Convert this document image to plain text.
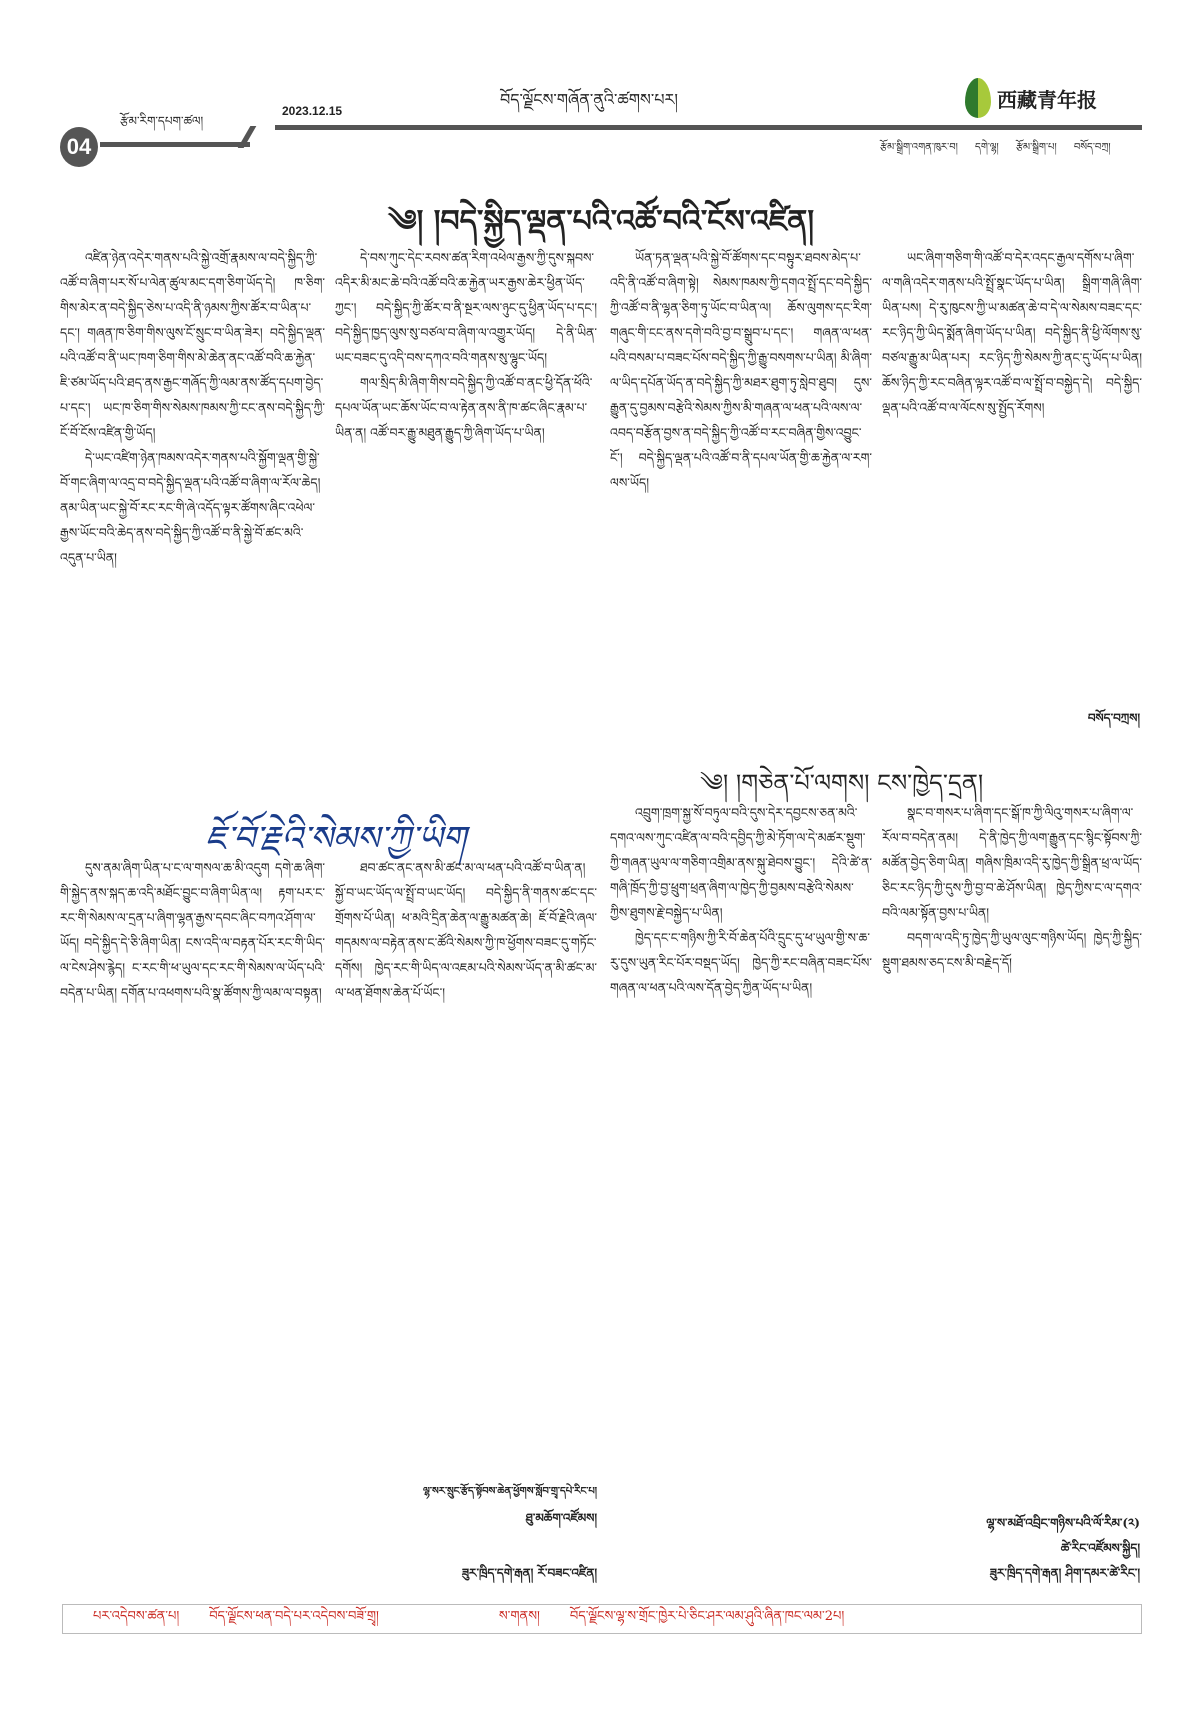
རྩོམ་རིག་དཔག་ཚལ།
2023.12.15
བོད་ལྗོངས་གཞོན་ནུའི་ཚགས་པར།	西藏青年报
04	རྩོམ་སྒྲིག་འགན་ཁུར་བ། དགེ་ལྷ། རྩོམ་སྒྲིག་པ། བསོད་བཀྲ།
༄། །བདེ་སྐྱིད་ལྡན་པའི་འཚོ་བའི་ངོས་འཛིན།

འཛིན་ཉེན་འདེར་གནས་པའི་སྐྱེ་འགྲོ་རྣམས་ལ་བདེ་སྐྱིད་ཀྱི་འཚོ་བ་ཞིག་པར་སོ་པ་ལེན་ཚུལ་མང་དག་ཅིག་ཡོད་དེ། ཁ་ཅིག་གིས་མེར་ན་བདེ་སྐྱིད་ཅེས་པ་འདི་ནི་ཉམས་ཀྱིས་ཚོར་བ་ཡིན་པ་དང་། གཞན་ཁ་ཅིག་གིས་ལུས་ངོ་སྲུང་བ་ཡིན་ཟེར། བདེ་སྐྱིད་ལྡན་པའི་འཚོ་བ་ནི་ཡང་ཁག་ཅིག་གིས་མེ་ཆེན་ནང་འཚོ་བའི་ཆ་རྐྱེན་ཇི་ཙམ་ཡོད་པའི་ཐད་ནས་རྒྱང་གཞོད་ཀྱི་ལམ་ནས་ཚོད་དཔག་བྱེད་པ་དང་། ཡང་ཁ་ཅིག་གིས་སེམས་ཁམས་ཀྱི་ངང་ནས་བདེ་སྐྱིད་ཀྱི་ངོ་བོ་ངོས་འཛིན་གྱི་ཡོད།

དེ་ཡང་འཛིག་ཉེན་ཁམས་འདེར་གནས་པའི་སྐྱོག་ལྡན་གྱི་སྐྱེ་བོ་གང་ཞིག་ལ་འདྲ་བ་བདེ་སྐྱིད་ལྡན་པའི་འཚོ་བ་ཞིག་ལ་རོལ་ཆེད། ནམ་ཡིན་ཡང་སྐྱེ་བོ་རང་རང་གི་ཞེ་འདོད་ལྟར་ཚོགས་ཞིང་འཕེལ་རྒྱས་ཡོང་བའི་ཆེད་ནས་བདེ་སྐྱིད་ཀྱི་འཚོ་བ་ནི་སྐྱེ་བོ་ཚང་མའི་འདུན་པ་ཡིན།

དེ་བས་ཀུང་དེང་རབས་ཚན་རིག་འཕེལ་རྒྱས་ཀྱི་དུས་སྐབས་འདིར་མི་མང་ཆེ་བའི་འཚོ་བའི་ཆ་རྐྱེན་ཡར་རྒྱས་ཆེར་ཕྱིན་ཡོད་ཀྱང་། བདེ་སྐྱིད་ཀྱི་ཚོར་བ་ནི་སྔར་ལས་ཉུང་དུ་ཕྱིན་ཡོད་པ་དང་། བདེ་སྐྱིད་ཁྱད་ལུས་སུ་བཙལ་བ་ཞིག་ལ་འགྱུར་ཡོད། དེ་ནི་ཡིན་ཡང་བཟང་དུ་འདི་བས་དཀའ་བའི་གནས་སུ་ལྷུང་ཡོད།

གལ་སྲིད་མི་ཞིག་གིས་བདེ་སྐྱིད་ཀྱི་འཚོ་བ་ནང་ཕྱི་དོན་ཕོའི་དཔལ་ཡོན་ཡང་ཆོས་ཡོང་བ་ལ་རྟེན་ནས་ནི་ཁ་ཚང་ཞིང་རྣམ་པ་ཡིན་ན། འཚོ་བར་རྒྱུ་མཐུན་རྒྱུད་ཀྱི་ཞིག་ཡོད་པ་ཡིན།

ཡོན་ཏན་ལྡན་པའི་སྐྱེ་བོ་ཚོགས་དང་བསྟུར་ཐབས་མེད་པ་འདི་ནི་འཚོ་བ་ཞིག་སྟེ། སེམས་ཁམས་ཀྱི་དགའ་སྤྲོ་དང་བདེ་སྐྱིད་ཀྱི་འཚོ་བ་ནི་ལྷན་ཅིག་ཏུ་ཡོང་བ་ཡིན་ལ། ཆོས་ལུགས་དང་རིག་གཞུང་གི་ངང་ནས་དགེ་བའི་བྱ་བ་སྒྲུབ་པ་དང་། གཞན་ལ་ཕན་པའི་བསམ་པ་བཟང་པོས་བདེ་སྐྱིད་ཀྱི་རྒྱུ་བསགས་པ་ཡིན། མི་ཞིག་ལ་ཡིད་དཔོན་ཡོད་ན་བདེ་སྐྱིད་ཀྱི་མཐར་ཐུག་ཏུ་སླེབ་ཐུབ། དུས་རྒྱུན་དུ་བྱམས་བརྩེའི་སེམས་ཀྱིས་མི་གཞན་ལ་ཕན་པའི་ལས་ལ་འབད་བརྩོན་བྱས་ན་བདེ་སྐྱིད་ཀྱི་འཚོ་བ་རང་བཞིན་གྱིས་འབྱུང་ངོ་། བདེ་སྐྱིད་ལྡན་པའི་འཚོ་བ་ནི་དཔལ་ཡོན་གྱི་ཆ་རྐྱེན་ལ་རག་ལས་ཡོད།

ཡང་ཞིག་གཅིག་གི་འཚོ་བ་དེར་འདང་རྒྱལ་དགོས་པ་ཞིག་ལ་གཞི་འདེར་གནས་པའི་སྤྲོ་སྣང་ཡོད་པ་ཡིན། སྒྲིག་གཞི་ཞིག་ཡིན་པས། དེ་རུ་ཁུངས་ཀྱི་ཡ་མཚན་ཆེ་བ་དེ་ལ་སེམས་བཟང་དང་རང་ཉིད་ཀྱི་ཡིད་སྨོན་ཞིག་ཡོད་པ་ཡིན། བདེ་སྐྱིད་ནི་ཕྱི་ལོགས་སུ་བཙལ་རྒྱུ་མ་ཡིན་པར། རང་ཉིད་ཀྱི་སེམས་ཀྱི་ནང་དུ་ཡོད་པ་ཡིན། ཆོས་ཉིད་ཀྱི་རང་བཞིན་ལྟར་འཚོ་བ་ལ་སྤྲོ་བ་བསྐྱེད་དེ། བདེ་སྐྱིད་ལྡན་པའི་འཚོ་བ་ལ་ལོངས་སུ་སྤྱོད་རོགས།

བསོད་བཀྲས།
༄། །གཅེན་པོ་ལགས། ངས་ཁྱེད་དྲན།

འབྲུག་ཁྲག་སྐྱ་སོ་བཏུལ་བའི་དུས་དེར་དབྱངས་ཅན་མའི་དགའ་ལས་ཀུང་འཛིན་ལ་བའི་དབྱིད་ཀྱི་མེ་ཏོག་ལ་དེ་མཚར་སྡུག་ཀྱི་གཞན་ཡུལ་ལ་གཅིག་འགྲིམ་ནས་སྐུ་ཐེབས་བྱུང་། དེའི་ཚེ་ན་གཞི་ཁྲོད་ཀྱི་བྱ་ཕྲུག་ཕྲན་ཞིག་ལ་ཁྱེད་ཀྱི་བྱམས་བརྩེའི་སེམས་ཀྱིས་ཐུགས་རྗེ་བསྐྱེད་པ་ཡིན།

ཁྱེད་དང་ང་གཉིས་ཀྱི་རི་བོ་ཆེན་པོའི་དྲུང་དུ་ཕ་ཡུལ་གྱི་ས་ཆ་རུ་དུས་ཡུན་རིང་པོར་བསྡད་ཡོད། ཁྱེད་ཀྱི་རང་བཞིན་བཟང་པོས་གཞན་ལ་ཕན་པའི་ལས་དོན་བྱེད་ཀྱིན་ཡོད་པ་ཡིན།

སྣང་བ་གསར་པ་ཞིག་དང་སྒོ་ཁ་ཀྱི་ལིའུ་གསར་པ་ཞིག་ལ་རོལ་བ་བདེན་ནམ། དེ་ནི་ཁྱེད་ཀྱི་ལག་རྒྱུན་དང་སྙིང་སྟོབས་ཀྱི་མཚོན་བྱེད་ཅིག་ཡིན། གཞིས་ཁྲིམ་འདི་རུ་ཁྱེད་ཀྱི་སྒྲིན་ཕྲ་ལ་ཡོད་ཅིང་རང་ཉིད་ཀྱི་དུས་ཀྱི་བྱ་བ་ཆེ་ཤོས་ཡིན། ཁྱེད་ཀྱིས་ང་ལ་དགའ་བའི་ལམ་སྟོན་བྱས་པ་ཡིན།

བདག་ལ་འདི་ཏུ་ཁྱེད་ཀྱི་ཡུལ་ལུང་གཉིས་ཡོད། ཁྱེད་ཀྱི་སྐྱིད་སྡུག་ཐམས་ཅད་ངས་མི་བརྗེད་དོ།

ལྷ་ས་མཐོ་འབྲིང་གཉིས་པའི་ལོ་རིམ་(༢)
ཚེ་རིང་འཛོམས་སྐྱིད།
ཟུར་ཁྲིད་དགེ་རྒན། ཤིག་དམར་ཚེ་རིང་།
ཇོ་བོ་རྗེའི་སེམས་ཀྱི་ཡིག

དུས་ནམ་ཞིག་ཡིན་པ་ང་ལ་གསལ་ཆ་མི་འདུག དགེ་ཆ་ཞིག་གི་སྐྱེད་ནས་སྐད་ཆ་འདི་མཐོང་བྱུང་བ་ཞིག་ཡིན་ལ། རྟག་པར་ང་རང་གི་སེམས་ལ་དྲན་པ་ཞིག་ལྷན་རྒྱས་དབང་ཞིང་བཀའ་ཤོག་ལ་ཡོད། བདེ་སྐྱིད་དེ་ཅི་ཞིག་ཡིན། ངས་འདི་ལ་བརྟན་པོར་རང་གི་ཡིད་ལ་ངེས་ཤེས་རྙེད། ང་རང་གི་ཕ་ཡུལ་དང་རང་གི་སེམས་ལ་ཡོད་པའི་བདེན་པ་ཡིན། དགོན་པ་འཕགས་པའི་སྣ་ཚོགས་ཀྱི་ལམ་ལ་བསྟན།

ཐབ་ཚང་ནང་ནས་མི་ཚང་མ་ལ་ཕན་པའི་འཚོ་བ་ཡིན་ན། སྐྱོ་བ་ཡང་ཡོད་ལ་སྤྲོ་བ་ཡང་ཡོད། བདེ་སྐྱིད་ནི་གནས་ཚང་དང་གྲོགས་པོ་ཡིན། ཕ་མའི་དྲིན་ཆེན་ལ་རྒྱུ་མཚན་ཆེ། ཇོ་བོ་རྗེའི་ཞལ་གདམས་ལ་བརྟེན་ནས་ང་ཚོའི་སེམས་ཀྱི་ཁ་ཕྱོགས་བཟང་དུ་གཏོང་དགོས། ཁྱེད་རང་གི་ཡིད་ལ་འཇམ་པའི་སེམས་ཡོད་ན་མི་ཚང་མ་ལ་ཕན་ཐོགས་ཆེན་པོ་ཡོང་།

ལྷ་སར་སྲུང་རྩོད་སྟོབས་ཆེན་ཕྱོགས་སློབ་གྲྭ་དཔེ་རིང་པ།
ཐུ་མཆོག་འཛོམས།
ཟུར་ཁྲིད་དགེ་རྒན། རོ་བཟང་འཛིན།
པར་འདེབས་ཚན་པ། བོད་ལྗོངས་ཕན་བདེ་པར་འདེབས་བཟོ་གྲྭ།	ས་གནས། བོད་ལྗོངས་ལྷ་ས་གྲོང་ཁྱེར་པེ་ཅིང་ཤར་ལམ་ཤུའི་ཞིན་ཁང་ལམ་2པ།
